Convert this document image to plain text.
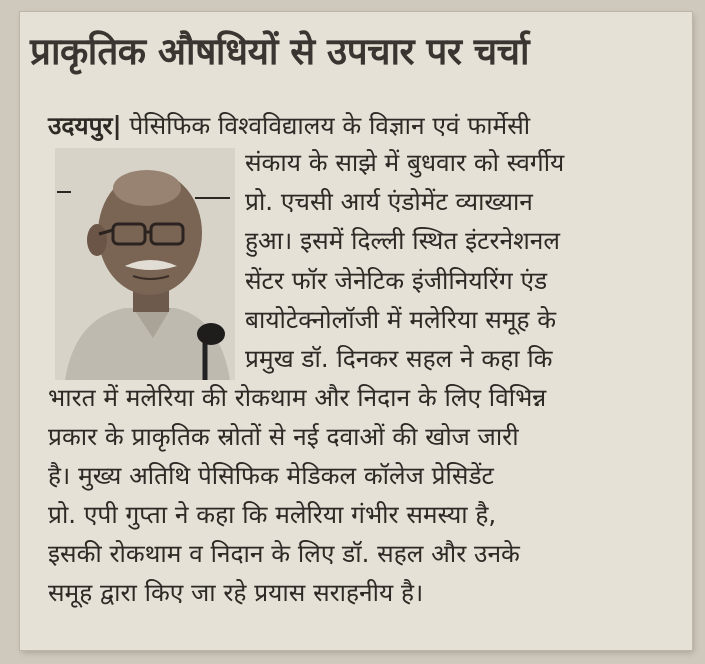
प्राकृतिक औषधियों से उपचार पर चर्चा
उदयपुर| पेसिफिक विश्वविद्यालय के विज्ञान एवं फार्मेसी
संकाय के साझे में बुधवार को स्वर्गीय
प्रो. एचसी आर्य एंडोमेंट व्याख्यान
हुआ। इसमें दिल्ली स्थित इंटरनेशनल
सेंटर फॉर जेनेटिक इंजीनियरिंग एंड
बायोटेक्नोलॉजी में मलेरिया समूह के
प्रमुख डॉ. दिनकर सहल ने कहा कि
भारत में मलेरिया की रोकथाम और निदान के लिए विभिन्न
प्रकार के प्राकृतिक स्रोतों से नई दवाओं की खोज जारी
है। मुख्य अतिथि पेसिफिक मेडिकल कॉलेज प्रेसिडेंट
प्रो. एपी गुप्ता ने कहा कि मलेरिया गंभीर समस्या है,
इसकी रोकथाम व निदान के लिए डॉ. सहल और उनके
समूह द्वारा किए जा रहे प्रयास सराहनीय है।
